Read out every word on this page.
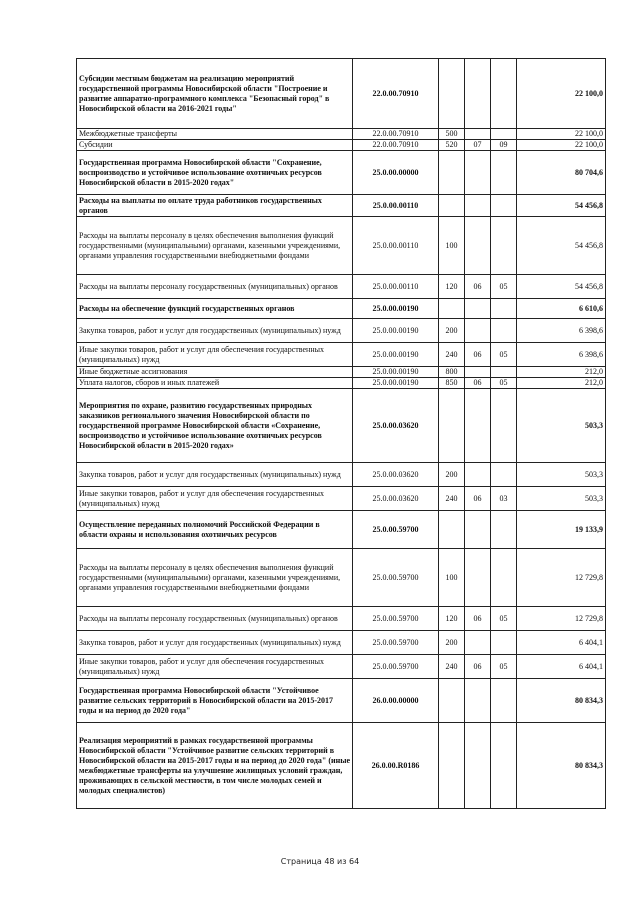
Субсидии местным бюджетам на реализацию мероприятий государственной программы Новосибирской области "Построение и развитие аппаратно-программного комплекса "Безопасный город" в Новосибирской области на 2016-2021 годы"	22.0.00.70910				22 100,0
Межбюджетные трансферты	22.0.00.70910	500			22 100,0
Субсидии	22.0.00.70910	520	07	09	22 100,0
Государственная программа Новосибирской области "Сохранение, воспроизводство и устойчивое использование охотничьих ресурсов Новосибирской области в 2015-2020 годах"	25.0.00.00000				80 704,6
Расходы на выплаты по оплате труда работников государственных органов	25.0.00.00110				54 456,8
Расходы на выплаты персоналу в целях обеспечения выполнения функций государственными (муниципальными) органами, казенными учреждениями, органами управления государственными внебюджетными фондами	25.0.00.00110	100			54 456,8
Расходы на выплаты персоналу государственных (муниципальных) органов	25.0.00.00110	120	06	05	54 456,8
Расходы на обеспечение функций государственных органов	25.0.00.00190				6 610,6
Закупка товаров, работ и услуг для государственных (муниципальных) нужд	25.0.00.00190	200			6 398,6
Иные закупки товаров, работ и услуг для обеспечения государственных (муниципальных) нужд	25.0.00.00190	240	06	05	6 398,6
Иные бюджетные ассигнования	25.0.00.00190	800			212,0
Уплата налогов, сборов и иных платежей	25.0.00.00190	850	06	05	212,0
Мероприятия по охране, развитию государственных природных заказников регионального значения Новосибирской области по государственной программе Новосибирской области «Сохранение, воспроизводство и устойчивое использование охотничьих ресурсов Новосибирской области в 2015-2020 годах»	25.0.00.03620				503,3
Закупка товаров, работ и услуг для государственных (муниципальных) нужд	25.0.00.03620	200			503,3
Иные закупки товаров, работ и услуг для обеспечения государственных (муниципальных) нужд	25.0.00.03620	240	06	03	503,3
Осуществление переданных полномочий Российской Федерации в области охраны и использования охотничьих ресурсов	25.0.00.59700				19 133,9
Расходы на выплаты персоналу в целях обеспечения выполнения функций государственными (муниципальными) органами, казенными учреждениями, органами управления государственными внебюджетными фондами	25.0.00.59700	100			12 729,8
Расходы на выплаты персоналу государственных (муниципальных) органов	25.0.00.59700	120	06	05	12 729,8
Закупка товаров, работ и услуг для государственных (муниципальных) нужд	25.0.00.59700	200			6 404,1
Иные закупки товаров, работ и услуг для обеспечения государственных (муниципальных) нужд	25.0.00.59700	240	06	05	6 404,1
Государственная программа Новосибирской области "Устойчивое развитие сельских территорий в Новосибирской области на 2015-2017 годы и на период до 2020 года"	26.0.00.00000				80 834,3
Реализация мероприятий в рамках государственной программы Новосибирской области "Устойчивое развитие сельских территорий в Новосибирской области на 2015-2017 годы и на период до 2020 года" (иные межбюджетные трансферты на улучшение жилищных условий граждан, проживающих в сельской местности, в том числе молодых семей и молодых специалистов)	26.0.00.R0186				80 834,3
Страница 48 из 64
